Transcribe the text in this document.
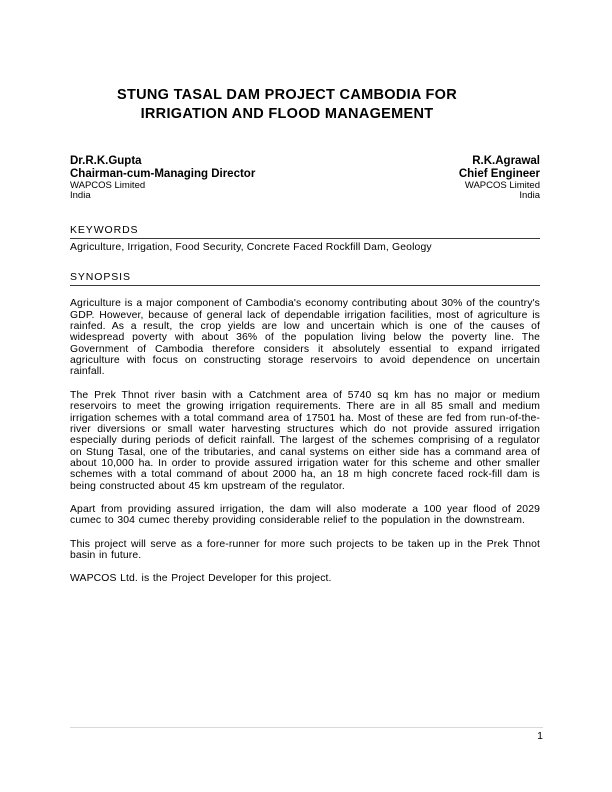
STUNG TASAL DAM PROJECT CAMBODIA FOR
IRRIGATION AND FLOOD MANAGEMENT
Dr.R.K.Gupta
Chairman-cum-Managing Director
WAPCOS Limited
India
R.K.Agrawal
Chief Engineer
WAPCOS Limited
India
KEYWORDS
Agriculture, Irrigation, Food Security, Concrete Faced Rockfill Dam, Geology
SYNOPSIS

Agriculture is a major component of Cambodia's economy contributing about 30% of the country's GDP. However, because of general lack of dependable irrigation facilities, most of agriculture is rainfed. As a result, the crop yields are low and uncertain which is one of the causes of widespread poverty with about 36% of the population living below the poverty line. The Government of Cambodia therefore considers it absolutely essential to expand irrigated agriculture with focus on constructing storage reservoirs to avoid dependence on uncertain rainfall.

The Prek Thnot river basin with a Catchment area of 5740 sq km has no major or medium reservoirs to meet the growing irrigation requirements. There are in all 85 small and medium irrigation schemes with a total command area of 17501 ha. Most of these are fed from run-of-the-river diversions or small water harvesting structures which do not provide assured irrigation especially during periods of deficit rainfall. The largest of the schemes comprising of a regulator on Stung Tasal, one of the tributaries, and canal systems on either side has a command area of about 10,000 ha. In order to provide assured irrigation water for this scheme and other smaller schemes with a total command of about 2000 ha, an 18 m high concrete faced rock-fill dam is being constructed about 45 km upstream of the regulator.

Apart from providing assured irrigation, the dam will also moderate a 100 year flood of 2029 cumec to 304 cumec thereby providing considerable relief to the population in the downstream.

This project will serve as a fore-runner for more such projects to be taken up in the Prek Thnot basin in future.

WAPCOS Ltd. is the Project Developer for this project.

1
